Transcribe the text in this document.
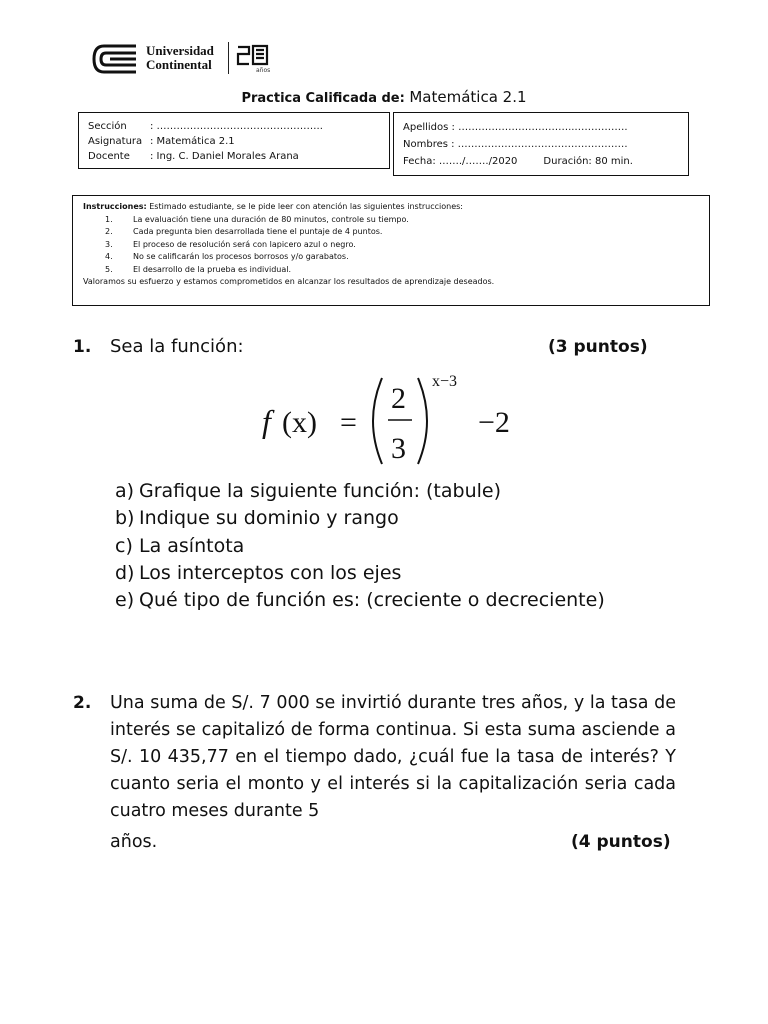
Universidad
Continental	años
Practica Calificada de: Matemática 2.1
Sección : …………………………………………..
Asignatura : Matemática 2.1
Docente : Ing. C. Daniel Morales Arana
Apellidos : ……………………………..…………….
Nombres : ……………………………………………
Fecha: ……./……./2020	Duración: 80 min.
Instrucciones: Estimado estudiante, se le pide leer con atención las siguientes instrucciones:
1.	La evaluación tiene una duración de 80 minutos, controle su tiempo.
2.	Cada pregunta bien desarrollada tiene el puntaje de 4 puntos.
3.	El proceso de resolución será con lapicero azul o negro.
4.	No se calificarán los procesos borrosos y/o garabatos.
5.	El desarrollo de la prueba es individual.
Valoramos su esfuerzo y estamos comprometidos en alcanzar los resultados de aprendizaje deseados.
1. Sea la función:	(3 puntos)
f (x) =
2
3
x−3
−2
a) Grafique la siguiente función: (tabule)
b) Indique su dominio y rango
c) La asíntota
d) Los interceptos con los ejes
e) Qué tipo de función es: (creciente o decreciente)
2. Una suma de S/. 7 000 se invirtió durante tres años, y la tasa de interés se capitalizó de forma continua. Si esta suma asciende a S/. 10 435,77 en el tiempo dado, ¿cuál fue la tasa de interés? Y cuanto seria el monto y el interés si la capitalización seria cada cuatro meses durante 5
años.	(4 puntos)
